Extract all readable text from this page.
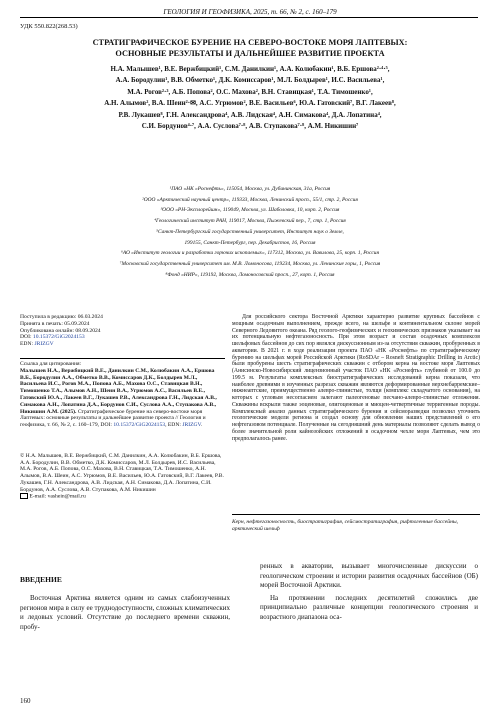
ГЕОЛОГИЯ И ГЕОФИЗИКА, 2025, т. 66, № 2, с. 160–179
УДК 550.822(268.53)
СТРАТИГРАФИЧЕСКОЕ БУРЕНИЕ НА СЕВЕРО-ВОСТОКЕ МОРЯ ЛАПТЕВЫХ:
ОСНОВНЫЕ РЕЗУЛЬТАТЫ И ДАЛЬНЕЙШЕЕ РАЗВИТИЕ ПРОЕКТА
Н.А. Малышев¹, В.Е. Вержбицкий¹, С.М. Данилкин¹, А.А. Колюбакин¹, В.Б. Ершова²·⁴·⁵,
А.А. Бородулин¹, В.В. Обметко¹, Д.К. Комиссаров¹, М.Л. Болдырев¹, И.С. Васильева¹,
М.А. Рогов²·³, А.Б. Попова², О.С. Махова², В.Н. Ставицкая¹, Т.А. Тимошенко¹,
А.Н. Алымов², В.А. Шеин²·✉, А.С. Угрюмов², В.Е. Васильев⁶, Ю.А. Гатовский⁷, В.Г. Лакеев⁸,
Р.В. Лукашев⁸, Г.Н. Александрова⁴, А.В. Лидская⁴, А.Н. Симакова⁴, Д.А. Лопатина⁴,
С.И. Бордунов⁴·⁷, А.А. Суслова⁷·⁸, А.В. Ступакова⁷·⁸, А.М. Никишин⁷
¹ПАО «НК «Роснефть», 115054, Москва, ул. Дубининская, 31а, Россия
²ООО «Арктический научный центр», 119333, Москва, Ленинский просп., 55/1, стр. 2, Россия
³ООО «РН-Эксплорейшн», 119049, Москва, ул. Шаболовка, 10, корп. 2, Россия
⁴Геологический институт РАН, 119017, Москва, Пыжевский пер., 7, стр. 1, Россия
⁵Санкт-Петербургский государственный университет, Институт наук о Земле,
199155, Санкт-Петербург, пер. Декабристов, 16, Россия
⁶АО «Институт геологии и разработки горючих ископаемых», 117312, Москва, ул. Вавилова, 25, корп. 1, Россия
⁷Московский государственный университет им. М.В. Ломоносова, 119234, Москва, ул. Ленинские горы, 1, Россия
⁸Фонд «НИР», 119192, Москва, Ломоносовский просп., 27, корп. 1, Россия
Поступила в редакцию: 06.03.2024
Принята в печать: 05.09.2024
Опубликована онлайн: 08.09.2024
DOI: 10.15372/GiG2024153
EDN: JRIZGV
Ссылка для цитирования:
Малышев Н.А., Вержбицкий В.Е., Данилкин С.М., Колюбакин А.А., Ершова В.Б., Бородулин А.А., Обметко В.В., Комиссаров Д.К., Болдырев М.Л., Васильева И.С., Рогов М.А., Попова А.Б., Махова О.С., Ставицкая В.Н., Тимошенко Т.А., Алымов А.Н., Шеин В.А., Угрюмов А.С., Васильев В.Е., Гатовский Ю.А., Лакеев В.Г., Лукашев Р.В., Александрова Г.Н., Лидская А.В., Симакова А.Н., Лопатина Д.А., Бордунов С.И., Суслова А.А., Ступакова А.В., Никишин А.М. (2025). Стратиграфическое бурение на северо-востоке моря Лаптевых: основные результаты и дальнейшее развитие проекта // Геология и геофизика, т. 66, № 2, с. 160–179, DOI: 10.15372/GiG2024153, EDN: JRIZGV.
© Н.А. Малышев, В.Е. Вержбицкий, С.М. Данилкин, А.А. Колюбакин, В.Б. Ершова, А.А. Бородулин, В.В. Обметко, Д.К. Комиссаров, М.Л. Болдырев, И.С. Васильева, М.А. Рогов, А.Б. Попова, О.С. Махова, В.Н. Ставицкая, Т.А. Тимошенко, А.Н. Алымов, В.А. Шеин, А.С. Угрюмов, В.Е. Васильев, Ю.А. Гатовский, В.Г. Лакеев, Р.В. Лукашев, Г.Н. Александрова, А.В. Лидская, А.Н. Симакова, Д.А. Лопатина, С.И. Бордунов, А.А. Суслова, А.В. Ступакова, А.М. Никишин
E-mail: vashein@mail.ru

Для российского сектора Восточной Арктики характерно развитие крупных бассейнов с мощным осадочным выполнением, прежде всего, на шельфе и континентальном склоне морей Северного Ледовитого океана. Ряд геолого-геофизических и геохимических признаков указывает на их потенциальную нефтегазоносность. При этом возраст и состав осадочных комплексов шельфовых бассейнов до сих пор являлся дискуссионным из-за отсутствия скважин, пробуренных в акватории. В 2021 г. в ходе реализации проекта ПАО «НК «Роснефть» по стратиграфическому бурению на шельфах морей Российской Арктики (RoSDAr – Rosneft Stratigraphic Drilling in Arctic) были пробурены шесть стратиграфических скважин с отбором керна на востоке моря Лаптевых (Анисинско-Новосибирский лицензионный участок ПАО «НК «Роснефть» глубиной от 100.0 до 199.5 м. Результаты комплексных биостратиграфических исследований керна показали, что наиболее древними в изученных разрезах скважин являются деформированные верхнебарремские–нижнеаптские, преимущественно алевро-глинистые, толщи (комплекс складчатого основания), на которых с угловым несогласием залегают палеогеновые песчано-алевро-глинистые отложения. Скважины вскрыли также эоценовые, олигоценовые и миоцен-четвертичные терригенные породы. Комплексный анализ данных стратиграфического бурения и сейсморазведки позволил уточнить геологические модели региона и создал основу для обновления наших представлений о его нефтегазовом потенциале. Полученные на сегодняшний день материалы позволяют сделать вывод о более значительной роли кайнозойских отложений в осадочном чехле моря Лаптевых, чем это предполагалось ранее.

Керн, нефтегазоносность, биостратиграфия, сейсмостратиграфия, рифтогенные бассейны, арктический шельф
ВВЕДЕНИЕ

Восточная Арктика является одним из самых слабоизученных регионов мира в силу ее труднодоступности, сложных климатических и ледовых условий. Отсутствие до последнего времени скважин, пробу-

ренных в акватории, вызывает многочисленные дискуссии о геологическом строении и истории развития осадочных бассейнов (ОБ) морей Восточной Арктики.

На протяжении последних десятилетий сложились две принципиально различные концепции геологического строения и возрастного диапазона оса-

160
